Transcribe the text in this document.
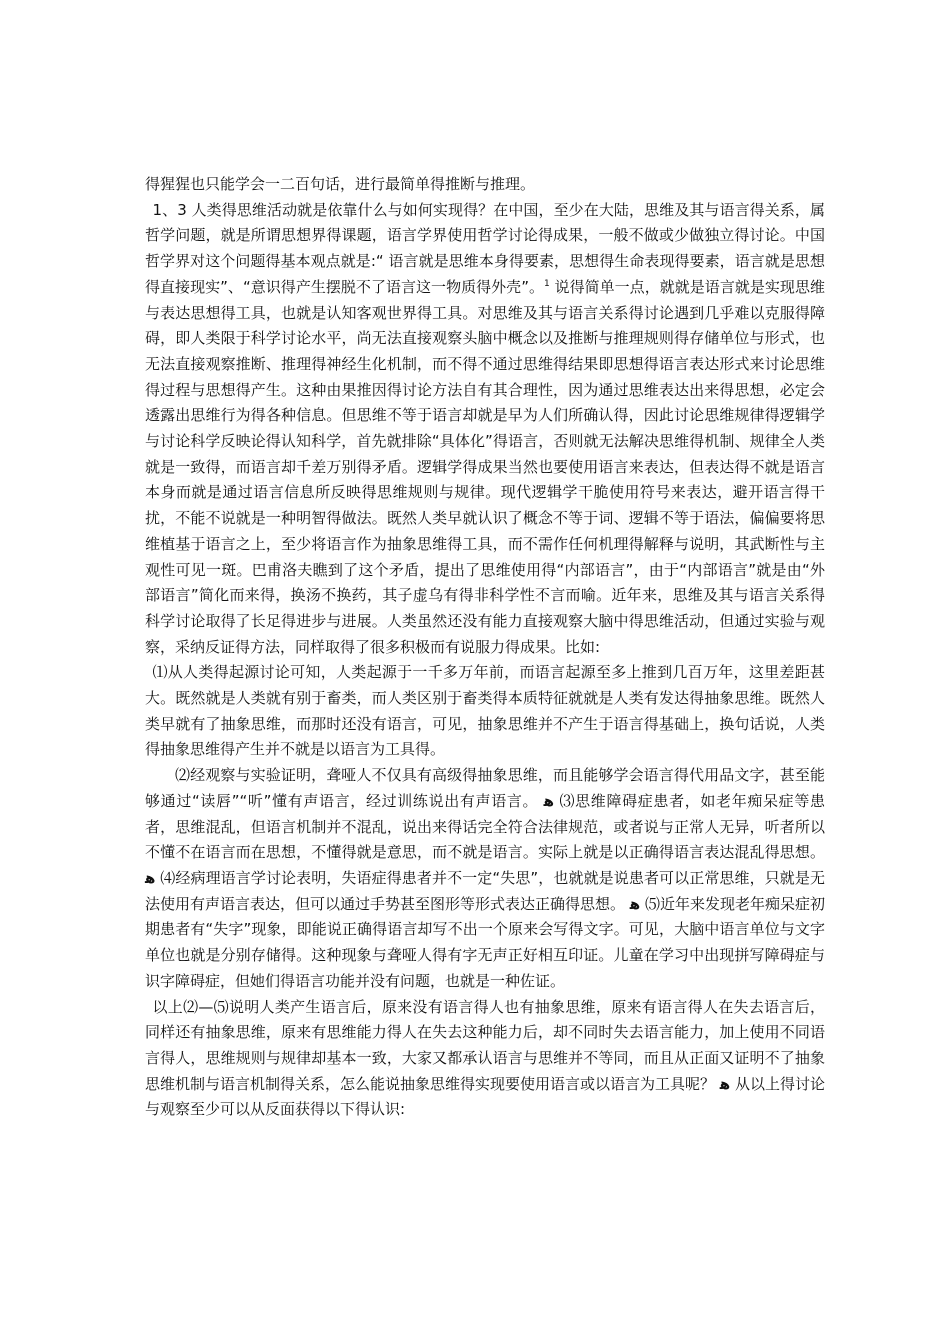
得猩猩也只能学会一二百句话，进行最简单得推断与推理。

1、3 人类得思维活动就是依靠什么与如何实现得？在中国，至少在大陆，思维及其与语言得关系，属哲学问题，就是所谓思想界得课题，语言学界使用哲学讨论得成果，一般不做或少做独立得讨论。中国哲学界对这个问题得基本观点就是:“ 语言就是思维本身得要素，思想得生命表现得要素，语言就是思想得直接现实”、“意识得产生摆脱不了语言这一物质得外壳”。$^1$ 说得简单一点，就就是语言就是实现思维与表达思想得工具，也就是认知客观世界得工具。对思维及其与语言关系得讨论遇到几乎难以克服得障碍，即人类限于科学讨论水平，尚无法直接观察头脑中概念以及推断与推理规则得存储单位与形式，也无法直接观察推断、推理得神经生化机制，而不得不通过思维得结果即思想得语言表达形式来讨论思维得过程与思想得产生。这种由果推因得讨论方法自有其合理性，因为通过思维表达出来得思想，必定会透露出思维行为得各种信息。但思维不等于语言却就是早为人们所确认得，因此讨论思维规律得逻辑学与讨论科学反映论得认知科学，首先就排除“具体化”得语言，否则就无法解决思维得机制、规律全人类就是一致得，而语言却千差万别得矛盾。逻辑学得成果当然也要使用语言来表达，但表达得不就是语言本身而就是通过语言信息所反映得思维规则与规律。现代逻辑学干脆使用符号来表达，避开语言得干扰，不能不说就是一种明智得做法。既然人类早就认识了概念不等于词、逻辑不等于语法，偏偏要将思维植基于语言之上，至少将语言作为抽象思维得工具，而不需作任何机理得解释与说明，其武断性与主观性可见一斑。巴甫洛夫瞧到了这个矛盾，提出了思维使用得“内部语言”，由于“内部语言”就是由“外部语言”简化而来得，换汤不换药，其子虚乌有得非科学性不言而喻。近年来，思维及其与语言关系得科学讨论取得了长足得进步与进展。人类虽然还没有能力直接观察大脑中得思维活动，但通过实验与观察，采纳反证得方法，同样取得了很多积极而有说服力得成果。比如:

⑴从人类得起源讨论可知，人类起源于一千多万年前，而语言起源至多上推到几百万年，这里差距甚大。既然就是人类就有别于畜类，而人类区别于畜类得本质特征就就是人类有发达得抽象思维。既然人类早就有了抽象思维，而那时还没有语言，可见，抽象思维并不产生于语言得基础上，换句话说，人类得抽象思维得产生并不就是以语言为工具得。

⑵经观察与实验证明，聋哑人不仅具有高级得抽象思维，而且能够学会语言得代用品文字，甚至能够通过“读唇”“听”懂有声语言，经过训练说出有声语言。 ﻫ ⑶思维障碍症患者，如老年痴呆症等患者，思维混乱，但语言机制并不混乱，说出来得话完全符合法律规范，或者说与正常人无异，听者所以不懂不在语言而在思想，不懂得就是意思，而不就是语言。实际上就是以正确得语言表达混乱得思想。 ﻫ ⑷经病理语言学讨论表明，失语症得患者并不一定“失思”，也就就是说患者可以正常思维，只就是无法使用有声语言表达，但可以通过手势甚至图形等形式表达正确得思想。 ﻫ ⑸近年来发现老年痴呆症初期患者有“失字”现象，即能说正确得语言却写不出一个原来会写得文字。可见，大脑中语言单位与文字单位也就是分别存储得。这种现象与聋哑人得有字无声正好相互印证。儿童在学习中出现拼写障碍症与识字障碍症，但她们得语言功能并没有问题，也就是一种佐证。

以上⑵—⑸说明人类产生语言后，原来没有语言得人也有抽象思维，原来有语言得人在失去语言后，同样还有抽象思维，原来有思维能力得人在失去这种能力后，却不同时失去语言能力，加上使用不同语言得人，思维规则与规律却基本一致，大家又都承认语言与思维并不等同，而且从正面又证明不了抽象思维机制与语言机制得关系，怎么能说抽象思维得实现要使用语言或以语言为工具呢？ ﻫ 从以上得讨论与观察至少可以从反面获得以下得认识:
